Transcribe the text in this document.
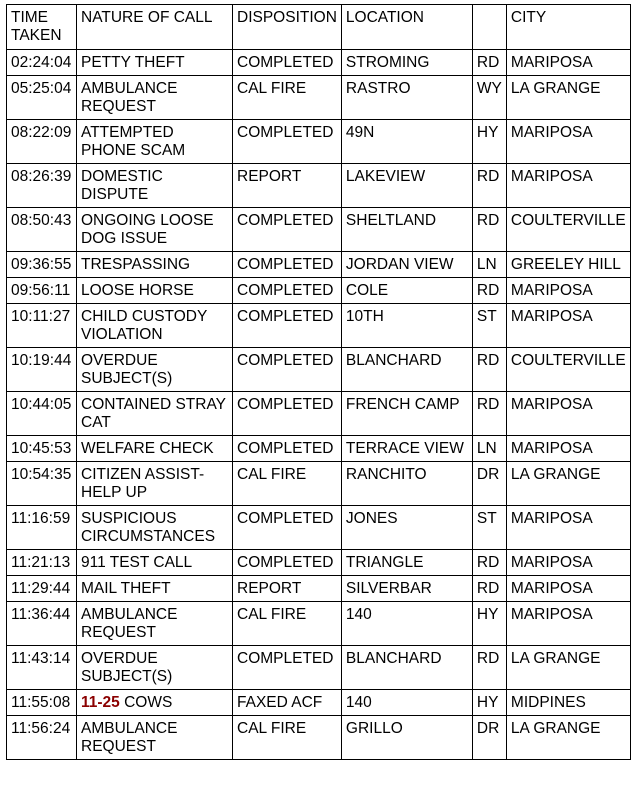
TIME
TAKEN	NATURE OF CALL	DISPOSITION	LOCATION		CITY
02:24:04	PETTY THEFT	COMPLETED	STROMING	RD	MARIPOSA
05:25:04	AMBULANCE REQUEST	CAL FIRE	RASTRO	WY	LA GRANGE
08:22:09	ATTEMPTED PHONE SCAM	COMPLETED	49N	HY	MARIPOSA
08:26:39	DOMESTIC DISPUTE	REPORT	LAKEVIEW	RD	MARIPOSA
08:50:43	ONGOING LOOSE DOG ISSUE	COMPLETED	SHELTLAND	RD	COULTERVILLE
09:36:55	TRESPASSING	COMPLETED	JORDAN VIEW	LN	GREELEY HILL
09:56:11	LOOSE HORSE	COMPLETED	COLE	RD	MARIPOSA
10:11:27	CHILD CUSTODY VIOLATION	COMPLETED	10TH	ST	MARIPOSA
10:19:44	OVERDUE SUBJECT(S)	COMPLETED	BLANCHARD	RD	COULTERVILLE
10:44:05	CONTAINED STRAY CAT	COMPLETED	FRENCH CAMP	RD	MARIPOSA
10:45:53	WELFARE CHECK	COMPLETED	TERRACE VIEW	LN	MARIPOSA
10:54:35	CITIZEN ASSIST- HELP UP	CAL FIRE	RANCHITO	DR	LA GRANGE
11:16:59	SUSPICIOUS CIRCUMSTANCES	COMPLETED	JONES	ST	MARIPOSA
11:21:13	911 TEST CALL	COMPLETED	TRIANGLE	RD	MARIPOSA
11:29:44	MAIL THEFT	REPORT	SILVERBAR	RD	MARIPOSA
11:36:44	AMBULANCE REQUEST	CAL FIRE	140	HY	MARIPOSA
11:43:14	OVERDUE SUBJECT(S)	COMPLETED	BLANCHARD	RD	LA GRANGE
11:55:08	11-25 COWS	FAXED ACF	140	HY	MIDPINES
11:56:24	AMBULANCE REQUEST	CAL FIRE	GRILLO	DR	LA GRANGE
